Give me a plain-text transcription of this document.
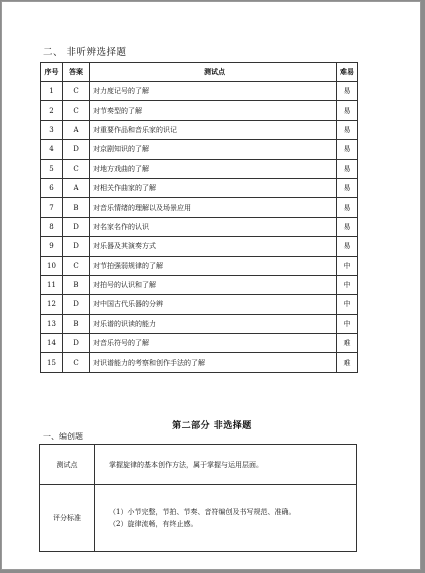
二、 非听辨选择题
序号	答案	测试点	难易
1	C	对力度记号的了解	易
2	C	对节奏型的了解	易
3	A	对重要作品和音乐家的识记	易
4	D	对京剧知识的了解	易
5	C	对地方戏曲的了解	易
6	A	对相关作曲家的了解	易
7	B	对音乐情绪的理解以及场景应用	易
8	D	对名家名作的认识	易
9	D	对乐器及其演奏方式	易
10	C	对节拍强弱规律的了解	中
11	B	对拍号的认识和了解	中
12	D	对中国古代乐器的分辨	中
13	B	对乐谱的识读的能力	中
14	D	对音乐符号的了解	难
15	C	对识谱能力的考察和创作手法的了解	难
第二部分 非选择题
一、编创题
测试点	掌握旋律的基本创作方法，属于掌握与运用层面。
评分标准	（1）小节完整，节拍、节奏、音符编创及书写规范、准确。
（2）旋律流畅，有终止感。
